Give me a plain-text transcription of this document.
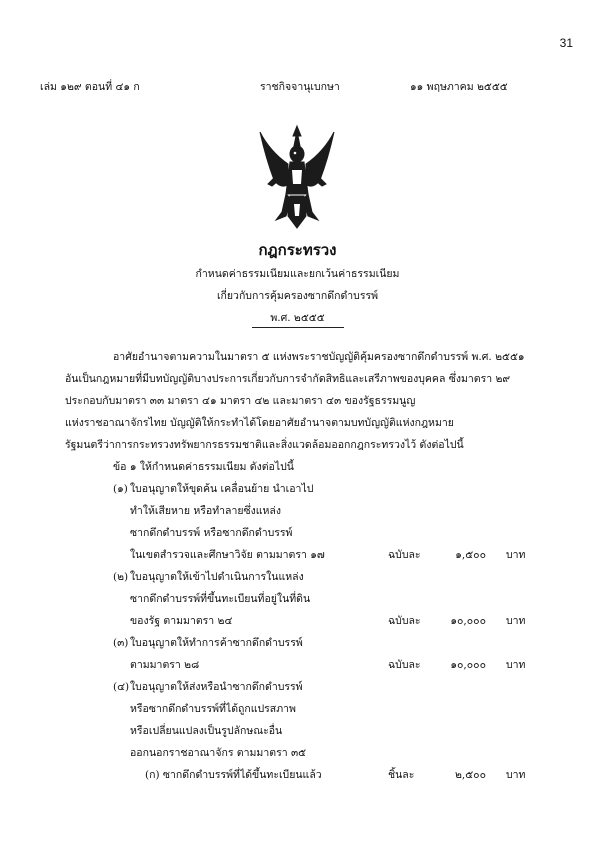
31
เล่ม ๑๒๙ ตอนที่ ๔๑ ก	ราชกิจจานุเบกษา	๑๑ พฤษภาคม ๒๕๕๕
กฎกระทรวง
กำหนดค่าธรรมเนียมและยกเว้นค่าธรรมเนียม
เกี่ยวกับการคุ้มครองซากดึกดำบรรพ์
พ.ศ. ๒๕๕๕
อาศัยอำนาจตามความในมาตรา ๕ แห่งพระราชบัญญัติคุ้มครองซากดึกดำบรรพ์ พ.ศ. ๒๕๕๑
อันเป็นกฎหมายที่มีบทบัญญัติบางประการเกี่ยวกับการจำกัดสิทธิและเสรีภาพของบุคคล ซึ่งมาตรา ๒๙
ประกอบกับมาตรา ๓๓ มาตรา ๔๑ มาตรา ๔๒ และมาตรา ๔๓ ของรัฐธรรมนูญ
แห่งราชอาณาจักรไทย บัญญัติให้กระทำได้โดยอาศัยอำนาจตามบทบัญญัติแห่งกฎหมาย
รัฐมนตรีว่าการกระทรวงทรัพยากรธรรมชาติและสิ่งแวดล้อมออกกฎกระทรวงไว้ ดังต่อไปนี้
ข้อ ๑ ให้กำหนดค่าธรรมเนียม ดังต่อไปนี้
(๑) ใบอนุญาตให้ขุดค้น เคลื่อนย้าย นำเอาไป
ทำให้เสียหาย หรือทำลายซึ่งแหล่ง
ซากดึกดำบรรพ์ หรือซากดึกดำบรรพ์
ในเขตสำรวจและศึกษาวิจัย ตามมาตรา ๑๗	ฉบับละ	๑,๕๐๐ บาท
(๒) ใบอนุญาตให้เข้าไปดำเนินการในแหล่ง
ซากดึกดำบรรพ์ที่ขึ้นทะเบียนที่อยู่ในที่ดิน
ของรัฐ ตามมาตรา ๒๔	ฉบับละ	๑๐,๐๐๐ บาท
(๓) ใบอนุญาตให้ทำการค้าซากดึกดำบรรพ์
ตามมาตรา ๒๘	ฉบับละ	๑๐,๐๐๐ บาท
(๔) ใบอนุญาตให้ส่งหรือนำซากดึกดำบรรพ์
หรือซากดึกดำบรรพ์ที่ได้ถูกแปรสภาพ
หรือเปลี่ยนแปลงเป็นรูปลักษณะอื่น
ออกนอกราชอาณาจักร ตามมาตรา ๓๕
(ก) ซากดึกดำบรรพ์ที่ได้ขึ้นทะเบียนแล้ว	ชิ้นละ	๒,๕๐๐ บาท
